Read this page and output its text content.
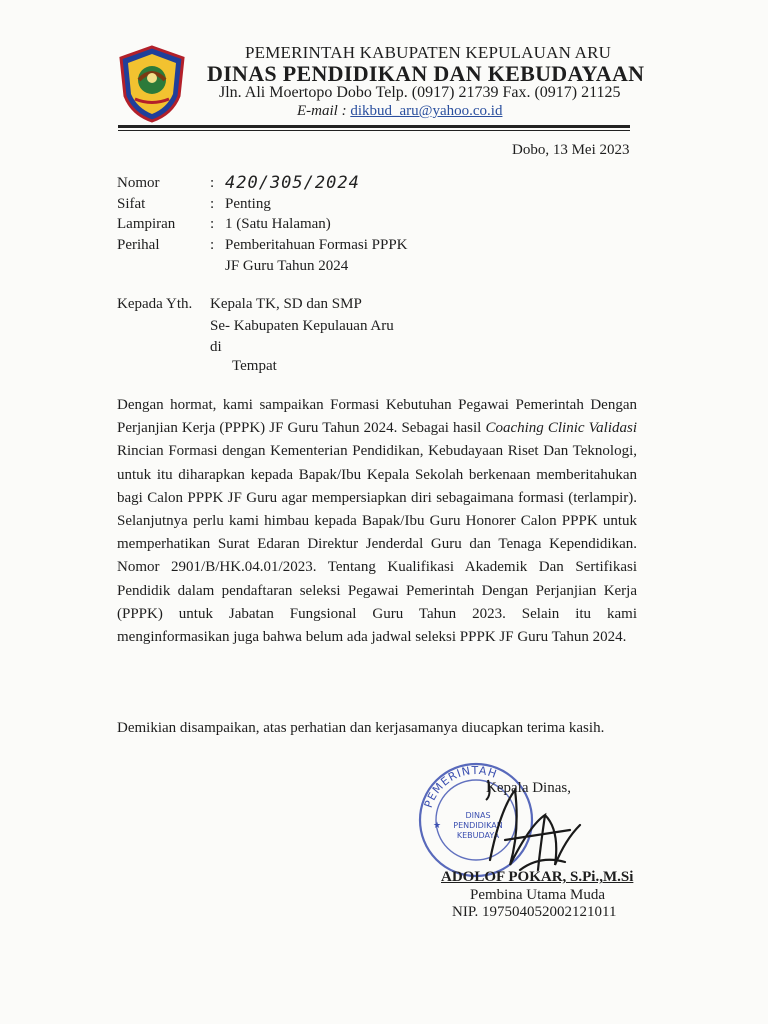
PEMERINTAH KABUPATEN KEPULAUAN ARU
DINAS PENDIDIKAN DAN KEBUDAYAAN
Jln. Ali Moertopo Dobo Telp. (0917) 21739 Fax. (0917) 21125
E-mail : dikbud_aru@yahoo.co.id
Dobo, 13 Mei 2023
Nomor	: 420/305/2024
Sifat	: Penting
Lampiran : 1 (Satu Halaman)
Perihal	: Pemberitahuan Formasi PPPK
JF Guru Tahun 2024
Kepada Yth. Kepala TK, SD dan SMP
Se- Kabupaten Kepulauan Aru
di
Tempat

Dengan hormat, kami sampaikan Formasi Kebutuhan Pegawai Pemerintah Dengan Perjanjian Kerja (PPPK) JF Guru Tahun 2024. Sebagai hasil Coaching Clinic Validasi Rincian Formasi dengan Kementerian Pendidikan, Kebudayaan Riset Dan Teknologi, untuk itu diharapkan kepada Bapak/Ibu Kepala Sekolah berkenaan memberitahukan bagi Calon PPPK JF Guru agar mempersiapkan diri sebagaimana formasi (terlampir). Selanjutnya perlu kami himbau kepada Bapak/Ibu Guru Honorer Calon PPPK untuk memperhatikan Surat Edaran Direktur Jenderdal Guru dan Tenaga Kependidikan. Nomor 2901/B/HK.04.01/2023. Tentang Kualifikasi Akademik Dan Sertifikasi Pendidik dalam pendaftaran seleksi Pegawai Pemerintah Dengan Perjanjian Kerja (PPPK) untuk Jabatan Fungsional Guru Tahun 2023. Selain itu kami menginformasikan juga bahwa belum ada jadwal seleksi PPPK JF Guru Tahun 2024.

Demikian disampaikan, atas perhatian dan kerjasamanya diucapkan terima kasih.
PEMERINTAH
DINAS
PENDIDIKAN
KEBUDAYA
★
Kepala Dinas,
ADOLOF POKAR, S.Pi.,M.Si
Pembina Utama Muda
NIP. 197504052002121011
